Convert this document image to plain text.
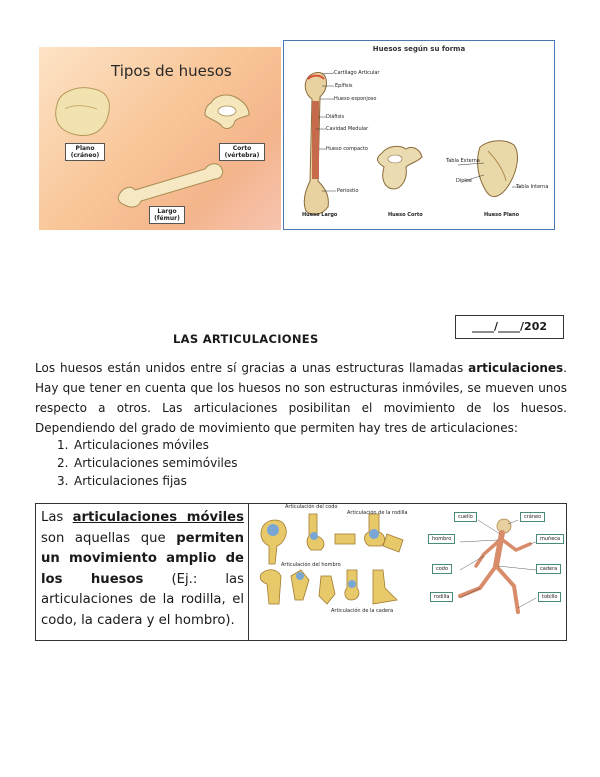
Tipos de huesos
Plano
(cráneo)
Corto
(vértebra)
Largo
(fémur)
Huesos según su forma
Cartílago Articular
Epífisis
Hueso esponjoso
Diáfisis
Cavidad Medular
Hueso compacto
Periostio
Tabla Externa
Díploe
Tabla Interna
Hueso Largo	Hueso Corto	Hueso Plano
____/____/202
LAS ARTICULACIONES
Los huesos están unidos entre sí gracias a unas estructuras llamadas articulaciones. Hay que tener en cuenta que los huesos no son estructuras inmóviles, se mueven unos respecto a otros. Las articulaciones posibilitan el movimiento de los huesos. Dependiendo del grado de movimiento que permiten hay tres de articulaciones:
1. Articulaciones móviles
2. Articulaciones semimóviles
3. Articulaciones fijas
Las articulaciones móviles son aquellas que permiten un movimiento amplio de los huesos (Ej.: las articulaciones de la rodilla, el codo, la cadera y el hombro).
Articulación del codo
Articulación de la rodilla
Articulación del hombro
Articulación de la cadera
cuello	cráneo
hombro	muñeca
codo	cadera
rodilla	tobillo
